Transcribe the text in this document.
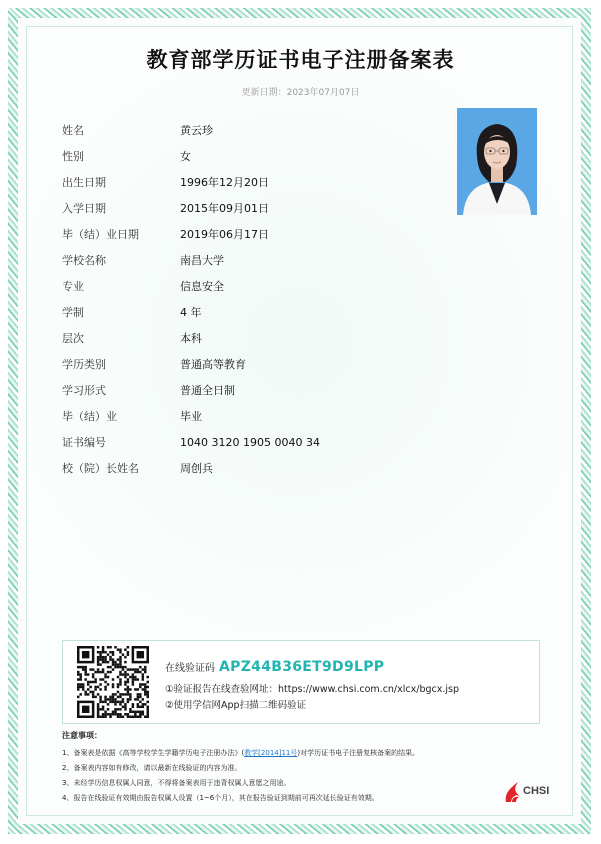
教育部学历证书电子注册备案表
更新日期：2023年07月07日
姓名	黄云珍
性别	女
出生日期	1996年12月20日
入学日期	2015年09月01日
毕（结）业日期	2019年06月17日
学校名称	南昌大学
专业	信息安全
学制	4 年
层次	本科
学历类别	普通高等教育
学习形式	普通全日制
毕（结）业	毕业
证书编号	1040 3120 1905 0040 34
校（院）长姓名	周创兵
在线验证码 APZ44B36ET9D9LPP
①验证报告在线查验网址：https://www.chsi.com.cn/xlcx/bgcx.jsp
②使用学信网App扫描二维码验证
注意事项：
1、备案表是依据《高等学校学生学籍学历电子注册办法》( 教学[2014]11号 )对学历证书电子注册复核备案的结果。
2、备案表内容如有修改，请以最新在线验证的内容为准。
3、未经学历信息权属人同意，不得将备案表用于违背权属人意愿之用途。
4、报告在线验证有效期由报告权属人设置（1~6个月），其在报告验证到期前可再次延长验证有效期。
CHSI
